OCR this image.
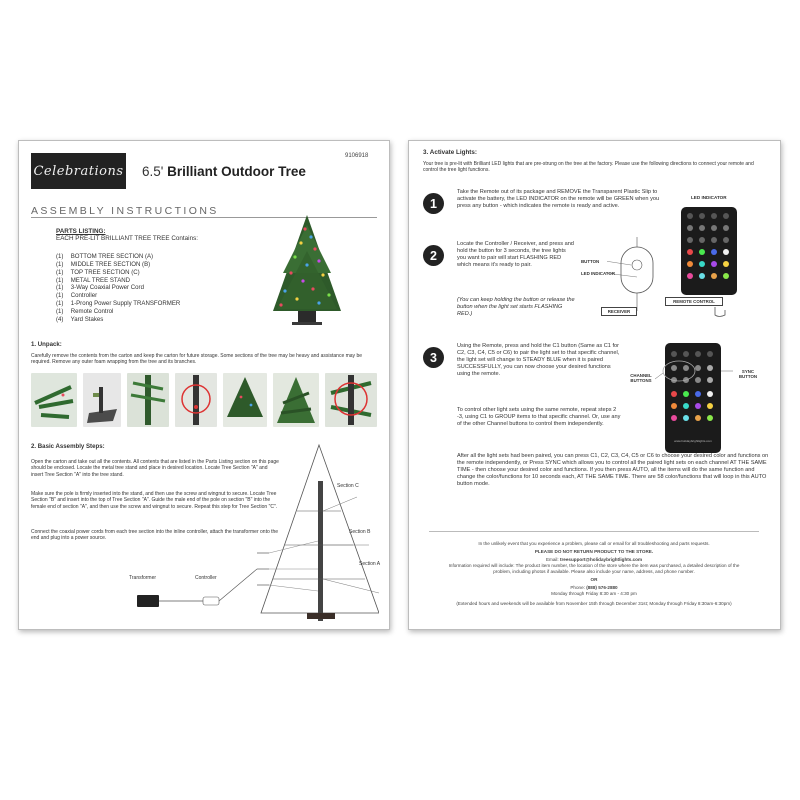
Celebrations 6.5' Brilliant Outdoor Tree
9106918
ASSEMBLY INSTRUCTIONS
PARTS LISTING:
EACH PRE-LIT BRILLIANT TREE TREE Contains:
(1) BOTTOM TREE SECTION (A)
(1) MIDDLE TREE SECTION (B)
(1) TOP TREE SECTION (C)
(1) METAL TREE STAND
(1) 3-Way Coaxial Power Cord
(1) Controller
(1) 1-Prong Power Supply TRANSFORMER
(1) Remote Control
(4) Yard Stakes
1. Unpack:
Carefully remove the contents from the carton and keep the carton for future storage. Some sections of the tree may be heavy and assistance may be required. Remove any outer foam wrapping from the tree and its branches.
2. Basic Assembly Steps:
Open the carton and take out all the contents. All contents that are listed in the Parts Listing section on this page should be enclosed. Locate the metal tree stand and place in desired location. Locate Tree Section "A" and insert Tree Section "A" into the tree stand.
Make sure the pole is firmly inserted into the stand, and then use the screw and wingnut to secure. Locate Tree Section "B" and insert into the top of Tree Section "A". Guide the male end of the pole on section "B" into the female end of section "A", and then use the screw and wingnut to secure. Repeat this step for Tree Section "C".
Connect the coaxial power cords from each tree section into the inline controller, attach the transformer onto the end and plug into a power source.
Section C
Section B
Section A
Transformer	Controller
3. Activate Lights:
Your tree is pre-lit with Brilliant LED lights that are pre-strung on the tree at the factory. Please use the following directions to connect your remote and control the tree light functions.
1
Take the Remote out of its package and REMOVE the Transparent Plastic Slip to activate the battery, the LED INDICATOR on the remote will be GREEN when you press any button - which indicates the remote is ready and active.
LED INDICATOR
REMOTE CONTROL
2
Locate the Controller / Receiver, and press and hold the button for 3 seconds, the tree lights you want to pair will start FLASHING RED which means it's ready to pair.
(You can keep holding the button or release the button when the light set starts FLASHING RED.)
BUTTON
LED INDICATOR
RECEIVER
3
Using the Remote, press and hold the C1 button (Same as C1 for C2, C3, C4, C5 or C6) to pair the light set to that specific channel, the light set will change to STEADY BLUE when it is paired SUCCESSFULLY, you can now choose your desired functions using the remote.
To control other light sets using the same remote, repeat steps 2 -3, using C1 to GROUP items to that specific channel. Or, use any of the other Channel buttons to control them independently.
CHANNEL BUTTONS
SYNC BUTTON
www.holidaybrightlights.com
After all the light sets had been paired, you can press C1, C2, C3, C4, C5 or C6 to choose your desired color and functions on the remote independently, or Press SYNC which allows you to control all the paired light sets on each channel AT THE SAME TIME - then choose your desired color and functions. If you then press AUTO, all the items will do the same function and change the color/functions for 10 seconds each, AT THE SAME TIME. There are 58 color/functions that will loop in this AUTO button mode.
In the unlikely event that you experience a problem, please call or email for all troubleshooting and parts requests.
PLEASE DO NOT RETURN PRODUCT TO THE STORE.
Email: treesupport@holidaybrightlights.com
Information required will include: The product item number, the location of the store where the item was purchased, a detailed description of the problem, including photos if available. Please also include your name, address, and phone number.
OR
Phone: (888) 576-2880
Monday through Friday 8:30 am - 4:30 pm
(Extended hours and weekends will be available from November 15th through December 31st; Monday through Friday 8:30am-6:30pm)
